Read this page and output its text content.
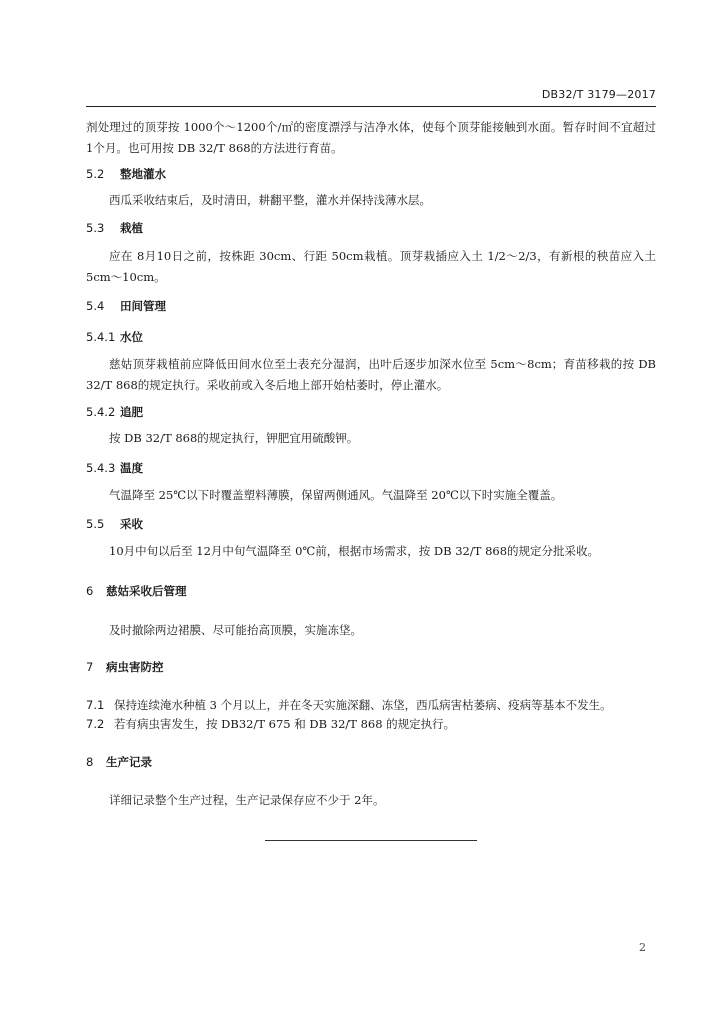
DB32/T 3179—2017
剂处理过的顶芽按 1000个～1200个/㎡的密度漂浮与洁净水体，使每个顶芽能接触到水面。暂存时间不宜超过 1个月。也可用按 DB 32/T 868的方法进行育苗。
5.2 整地灌水
西瓜采收结束后，及时清田，耕翻平整，灌水并保持浅薄水层。
5.3 栽植
应在 8月10日之前，按株距 30cm、行距 50cm栽植。顶芽栽插应入土 1/2～2/3，有新根的秧苗应入土 5cm～10cm。
5.4 田间管理
5.4.1 水位
慈姑顶芽栽植前应降低田间水位至土表充分湿润，出叶后逐步加深水位至 5cm～8cm；育苗移栽的按 DB 32/T 868的规定执行。采收前或入冬后地上部开始枯萎时，停止灌水。
5.4.2 追肥
按 DB 32/T 868的规定执行，钾肥宜用硫酸钾。
5.4.3 温度
气温降至 25℃以下时覆盖塑料薄膜，保留两侧通风。气温降至 20℃以下时实施全覆盖。
5.5 采收
10月中旬以后至 12月中旬气温降至 0℃前，根据市场需求，按 DB 32/T 868的规定分批采收。
6 慈姑采收后管理
及时撤除两边裙膜、尽可能抬高顶膜，实施冻垡。
7 病虫害防控
7.1 保持连续淹水种植 3 个月以上，并在冬天实施深翻、冻垡，西瓜病害枯萎病、疫病等基本不发生。
7.2 若有病虫害发生，按 DB32/T 675 和 DB 32/T 868 的规定执行。
8 生产记录
详细记录整个生产过程，生产记录保存应不少于 2年。
2
